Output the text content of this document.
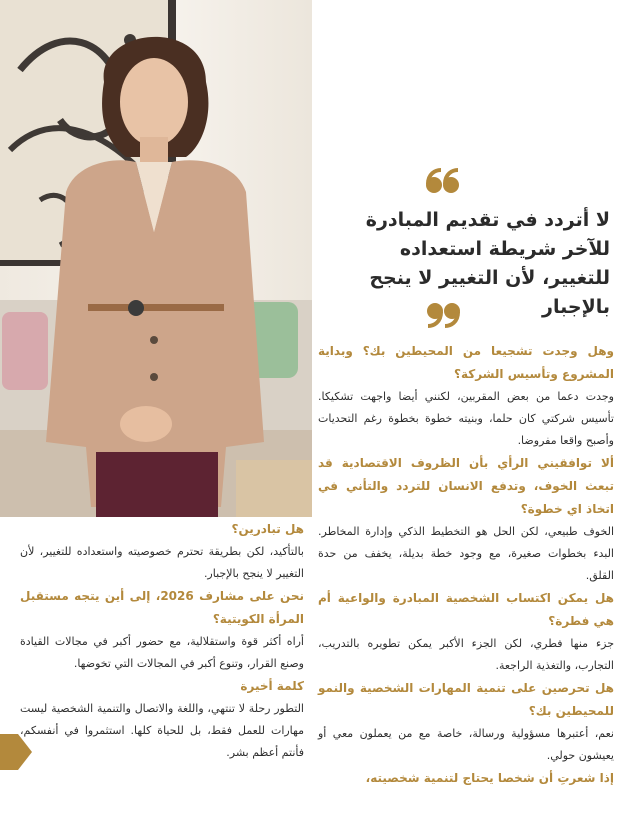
لا أتردد في تقديم المبادرة للآخر شريطة استعداده للتغيير، لأن التغيير لا ينجح بالإجبار

وهل وجدت تشجيعا من المحيطين بك؟ وبداية المشروع وتأسيس الشركة؟

وجدت دعما من بعض المقربين، لكنني أيضا واجهت تشكيكا. تأسيس شركتي كان حلما، وبنيته خطوة بخطوة رغم التحديات وأصبح واقعا مفروضا.

ألا توافقيني الرأي بأن الظروف الاقتصادية قد تبعث الخوف، وتدفع الانسان للتردد والتأني في اتخاذ اي خطوة؟

الخوف طبيعي، لكن الحل هو التخطيط الذكي وإدارة المخاطر. البدء بخطوات صغيرة، مع وجود خطة بديلة، يخفف من حدة القلق.

هل يمكن اكتساب الشخصية المبادرة والواعية أم هي فطرة؟

جزء منها فطري، لكن الجزء الأكبر يمكن تطويره بالتدريب، التجارب، والتغذية الراجعة.

هل تحرصين على تنمية المهارات الشخصية والنمو للمحيطين بك؟

نعم، أعتبرها مسؤولية ورسالة، خاصة مع من يعملون معي أو يعيشون حولي.

إذا شعرتِ أن شخصا يحتاج لتنمية شخصيته،

هل تبادرين؟

بالتأكيد، لكن بطريقة تحترم خصوصيته واستعداده للتغيير، لأن التغيير لا ينجح بالإجبار.

نحن على مشارف 2026، إلى أين يتجه مستقبل المرأة الكويتية؟

أراه أكثر قوة واستقلالية، مع حضور أكبر في مجالات القيادة وصنع القرار، وتنوع أكبر في المجالات التي تخوضها.

كلمة أخيرة

التطور رحلة لا تنتهي، واللغة والاتصال والتنمية الشخصية ليست مهارات للعمل فقط، بل للحياة كلها. استثمروا في أنفسكم، فأنتم أعظم بشر.
